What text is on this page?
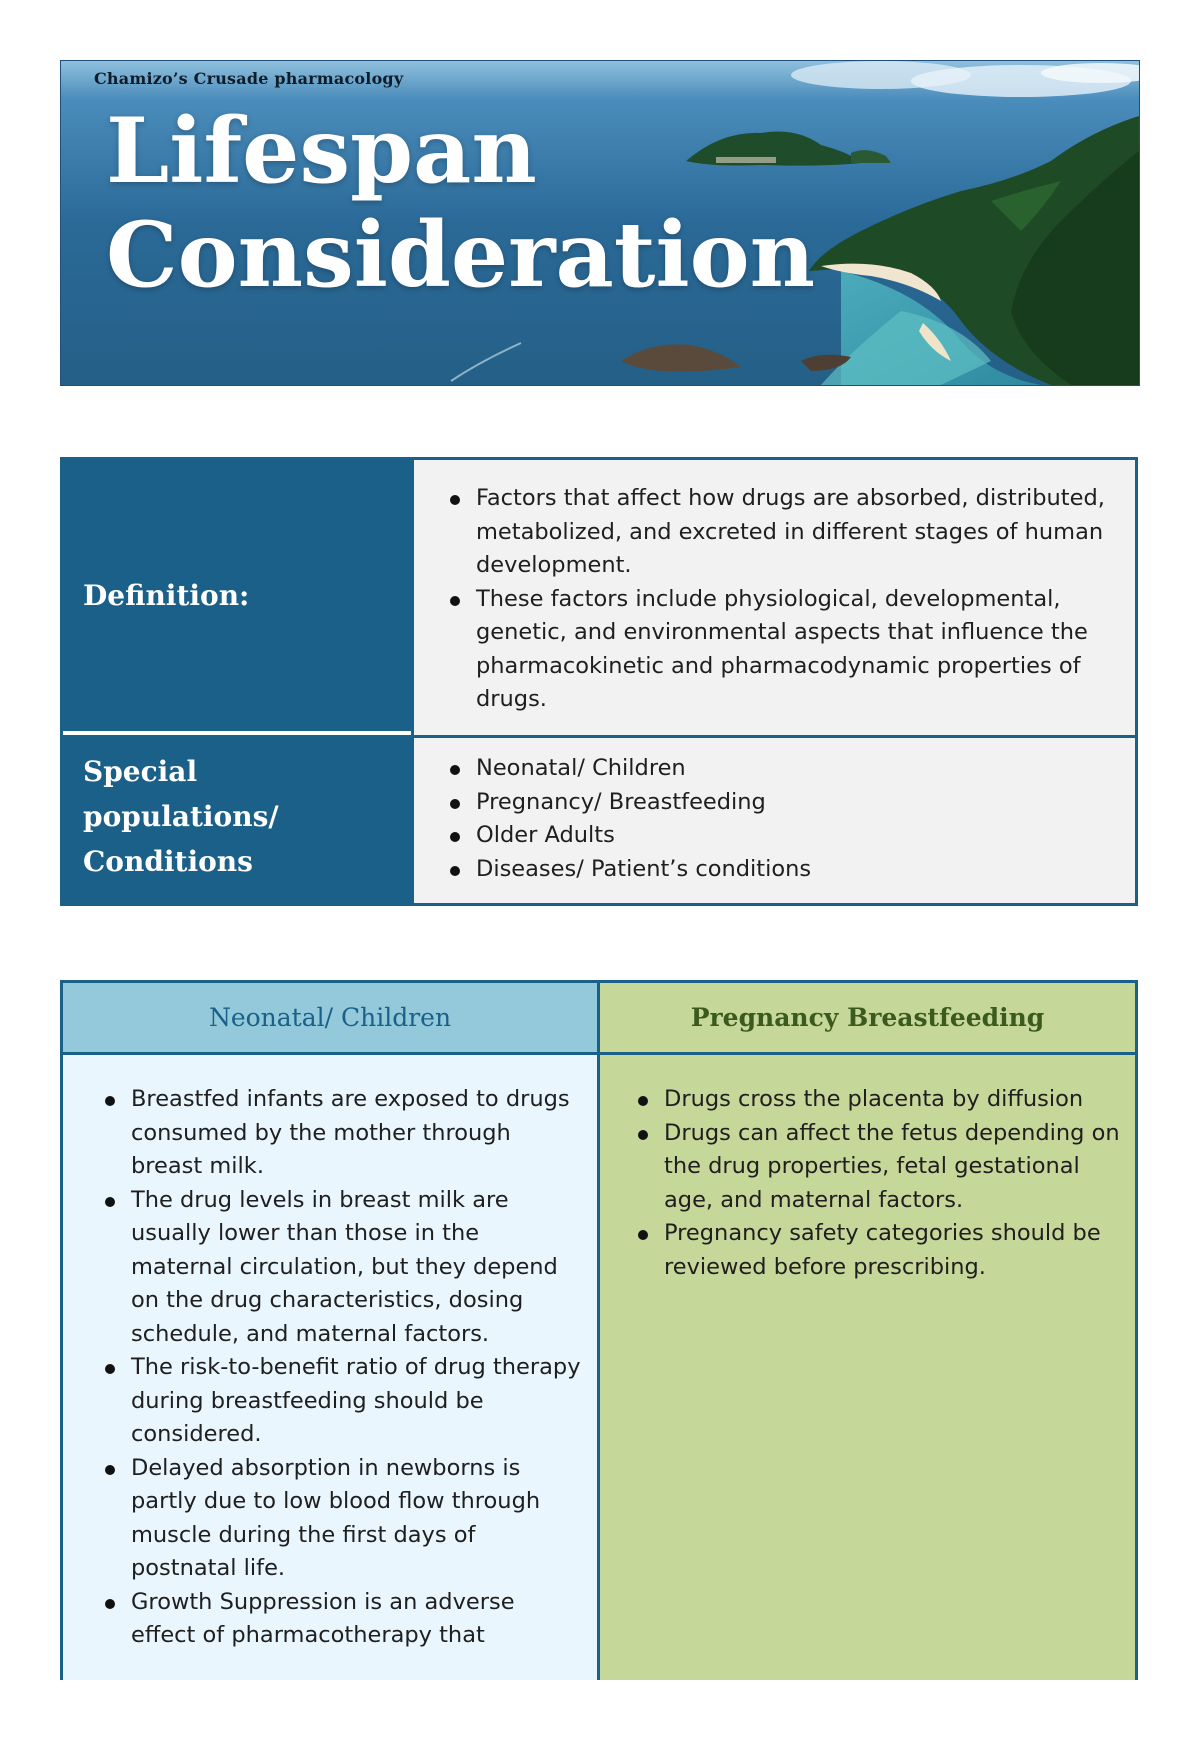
Chamizo’s Crusade pharmacology
Lifespan
Consideration
Definition:
Factors that affect how drugs are absorbed, distributed, metabolized, and excreted in different stages of human development.
These factors include physiological, developmental, genetic, and environmental aspects that influence the pharmacokinetic and pharmacodynamic properties of drugs.
Special
populations/
Conditions
Neonatal/ Children
Pregnancy/ Breastfeeding
Older Adults
Diseases/ Patient’s conditions
Neonatal/ Children
Breastfed infants are exposed to drugs consumed by the mother through breast milk.
The drug levels in breast milk are usually lower than those in the maternal circulation, but they depend on the drug characteristics, dosing schedule, and maternal factors.
The risk-to-benefit ratio of drug therapy during breastfeeding should be considered.
Delayed absorption in newborns is partly due to low blood flow through muscle during the first days of postnatal life.
Growth Suppression is an adverse effect of pharmacotherapy that
Pregnancy Breastfeeding
Drugs cross the placenta by diffusion
Drugs can affect the fetus depending on the drug properties, fetal gestational age, and maternal factors.
Pregnancy safety categories should be reviewed before prescribing.
